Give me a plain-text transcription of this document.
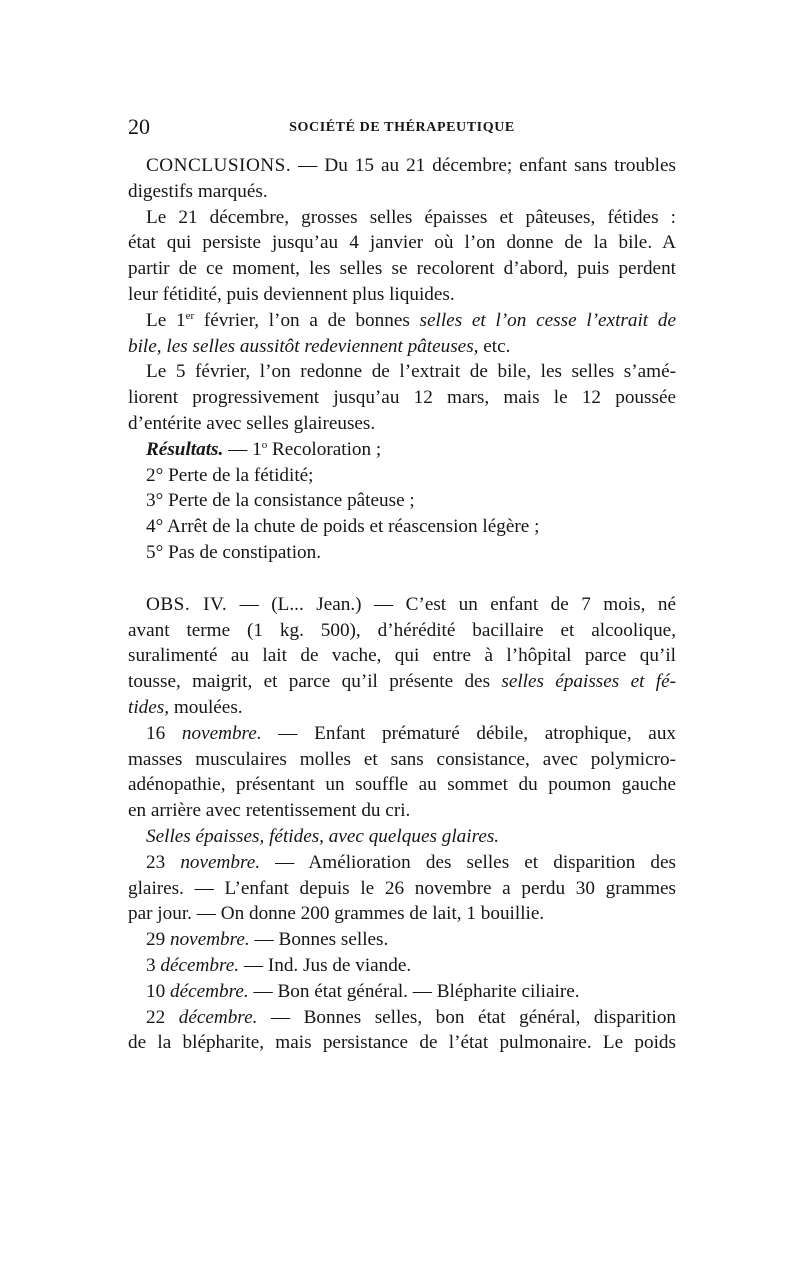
20	SOCIÉTÉ DE THÉRAPEUTIQUE
CONCLUSIONS. — Du 15 au 21 décembre; enfant sans troubles
digestifs marqués.
Le 21 décembre, grosses selles épaisses et pâteuses, fétides :
état qui persiste jusqu’au 4 janvier où l’on donne de la bile. A
partir de ce moment, les selles se recolorent d’abord, puis perdent
leur fétidité, puis deviennent plus liquides.
Le 1er février, l’on a de bonnes selles et l’on cesse l’extrait de
bile, les selles aussitôt redeviennent pâteuses, etc.
Le 5 février, l’on redonne de l’extrait de bile, les selles s’amé-
liorent progressivement jusqu’au 12 mars, mais le 12 poussée
d’entérite avec selles glaireuses.
Résultats. — 1$^o$ Recoloration ;
2° Perte de la fétidité;
3° Perte de la consistance pâteuse ;
4° Arrêt de la chute de poids et réascension légère ;
5° Pas de constipation.
OBS. IV. — (L... Jean.) — C’est un enfant de 7 mois, né
avant terme (1 kg. 500), d’hérédité bacillaire et alcoolique,
suralimenté au lait de vache, qui entre à l’hôpital parce qu’il
tousse, maigrit, et parce qu’il présente des selles épaisses et fé-
tides, moulées.
16 novembre. — Enfant prématuré débile, atrophique, aux
masses musculaires molles et sans consistance, avec polymicro-
adénopathie, présentant un souffle au sommet du poumon gauche
en arrière avec retentissement du cri.
Selles épaisses, fétides, avec quelques glaires.
23 novembre. — Amélioration des selles et disparition des
glaires. — L’enfant depuis le 26 novembre a perdu 30 grammes
par jour. — On donne 200 grammes de lait, 1 bouillie.
29 novembre. — Bonnes selles.
3 décembre. — Ind. Jus de viande.
10 décembre. — Bon état général. — Blépharite ciliaire.
22 décembre. — Bonnes selles, bon état général, disparition
de la blépharite, mais persistance de l’état pulmonaire. Le poids
